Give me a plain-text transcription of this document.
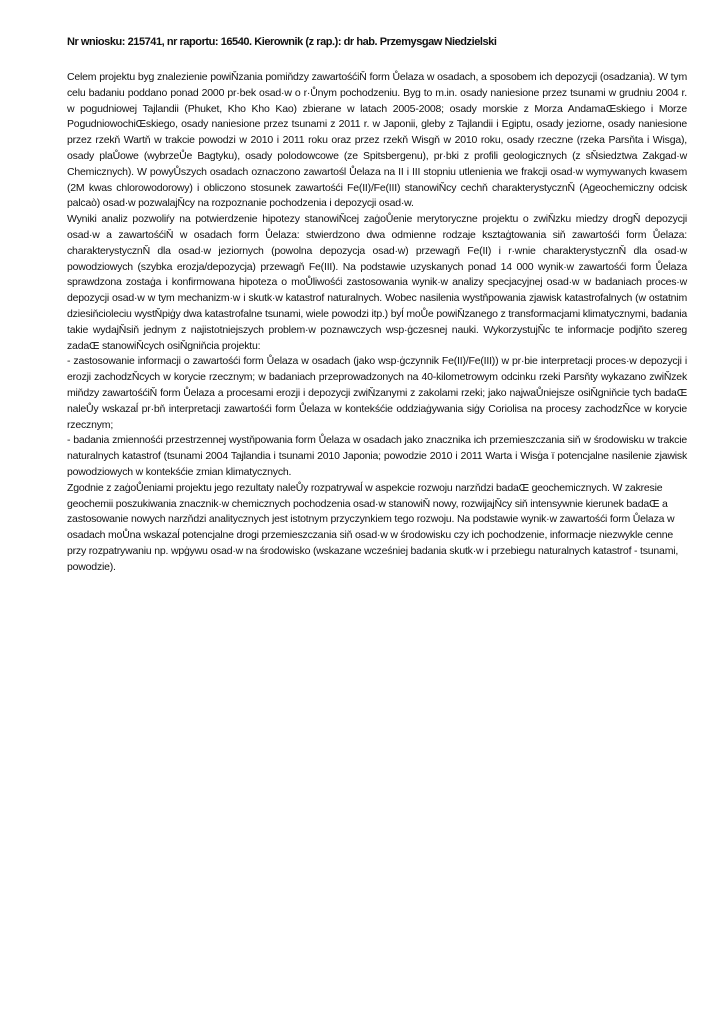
Nr wniosku: 215741, nr raportu: 16540. Kierownik (z rap.): dr hab. Przemysgaw Niedzielski

Celem projektu byg znalezienie powiŇzania pomiňdzy zawartośćiŇ form Ůelaza w osadach, a sposobem ich depozycji (osadzania). W tym celu badaniu poddano ponad 2000 pr·bek osad·w o r·Ůnym pochodzeniu. Byg to m.in. osady naniesione przez tsunami w grudniu 2004 r. w pogudniowej Tajlandii (Phuket, Kho Kho Kao) zbierane w latach 2005-2008; osady morskie z Morza AndamaŒskiego i Morze PogudniowochiŒskiego, osady naniesione przez tsunami z 2011 r. w Japonii, gleby z Tajlandii i Egiptu, osady jeziorne, osady naniesione przez rzekň Wartň w trakcie powodzi w 2010 i 2011 roku oraz przez rzekň Wisgň w 2010 roku, osady rzeczne (rzeka Parsňta i Wisga), osady plaŮowe (wybrzeŮe Bagtyku), osady polodowcowe (ze Spitsbergenu), pr·bki z profili geologicznych (z sŇsiedztwa Zakgad·w Chemicznych). W powyŮszych osadach oznaczono zawartośl Ůelaza na II i III stopniu utlenienia we frakcji osad·w wymywanych kwasem (2M kwas chlorowodorowy) i obliczono stosunek zawartośći Fe(II)/Fe(III) stanowiŇcy cechň charakterystycznŇ (Ągeochemiczny odcisk palcaò) osad·w pozwalajŇcy na rozpoznanie pochodzenia i depozycji osad·w.

Wyniki analiz pozwoliŕy na potwierdzenie hipotezy stanowiŇcej zaġoŮenie merytoryczne projektu o zwiŇzku miedzy drogŇ depozycji osad·w a zawartośćiŇ w osadach form Ůelaza: stwierdzono dwa odmienne rodzaje ksztaġtowania siň zawartośći form Ůelaza: charakterystycznŇ dla osad·w jeziornych (powolna depozycja osad·w) przewagň Fe(II) i r·wnie charakterystycznŇ dla osad·w powodziowych (szybka erozja/depozycja) przewagň Fe(III). Na podstawie uzyskanych ponad 14 000 wynik·w zawartośći form Ůelaza sprawdzona zostaġa i konfirmowana hipoteza o moŮliwośći zastosowania wynik·w analizy specjacyjnej osad·w w badaniach proces·w depozycji osad·w w tym mechanizm·w i skutk·w katastrof naturalnych. Wobec nasilenia wystňpowania zjawisk katastrofalnych (w ostatnim dziesiňcioleciu wystŇpiġy dwa katastrofalne tsunami, wiele powodzi itp.) byĺ moŮe powiŇzanego z transformacjami klimatycznymi, badania takie wydajŇsiň jednym z najistotniejszych problem·w poznawczych wsp·ġczesnej nauki. WykorzystujŇc te informacje podjňto szereg zadaŒ stanowiŇcych osiŇgniňcia projektu:

- zastosowanie informacji o zawartośći form Ůelaza w osadach (jako wsp·ġczynnik Fe(II)/Fe(III)) w pr·bie interpretacji proces·w depozycji i erozji zachodzŇcych w korycie rzecznym; w badaniach przeprowadzonych na 40-kilometrowym odcinku rzeki Parsňty wykazano zwiŇzek miňdzy zawartośćiŇ form Ůelaza a procesami erozji i depozycji zwiŇzanymi z zakolami rzeki; jako najwaŮniejsze osiŇgniňcie tych badaŒ naleŮy wskazaĺ pr·bň interpretacji zawartośći form Ůelaza w kontekśćie oddziaġywania siġy Coriolisa na procesy zachodzŇce w korycie rzecznym;

- badania zmiennośći przestrzennej wystňpowania form Ůelaza w osadach jako znacznika ich przemieszczania siň w środowisku w trakcie naturalnych katastrof (tsunami 2004 Tajlandia i tsunami 2010 Japonia; powodzie 2010 i 2011 Warta i Wisġa ï potencjalne nasilenie zjawisk powodziowych w kontekśćie zmian klimatycznych.

Zgodnie z zaġoŮeniami projektu jego rezultaty naleŮy rozpatrywaĺ w aspekcie rozwoju narzňdzi badaŒ geochemicznych. W zakresie geochemii poszukiwania znacznik·w chemicznych pochodzenia osad·w stanowiŇ nowy, rozwijajŇcy siň intensywnie kierunek badaŒ a zastosowanie nowych narzňdzi analitycznych jest istotnym przyczynkiem tego rozwoju. Na podstawie wynik·w zawartośći form Ůelaza w osadach moŮna wskazaĺ potencjalne drogi przemieszczania siň osad·w w środowisku czy ich pochodzenie, informacje niezwykle cenne przy rozpatrywaniu np. wpġywu osad·w na środowisko (wskazane wcześniej badania skutk·w i przebiegu naturalnych katastrof - tsunami, powodzie).
